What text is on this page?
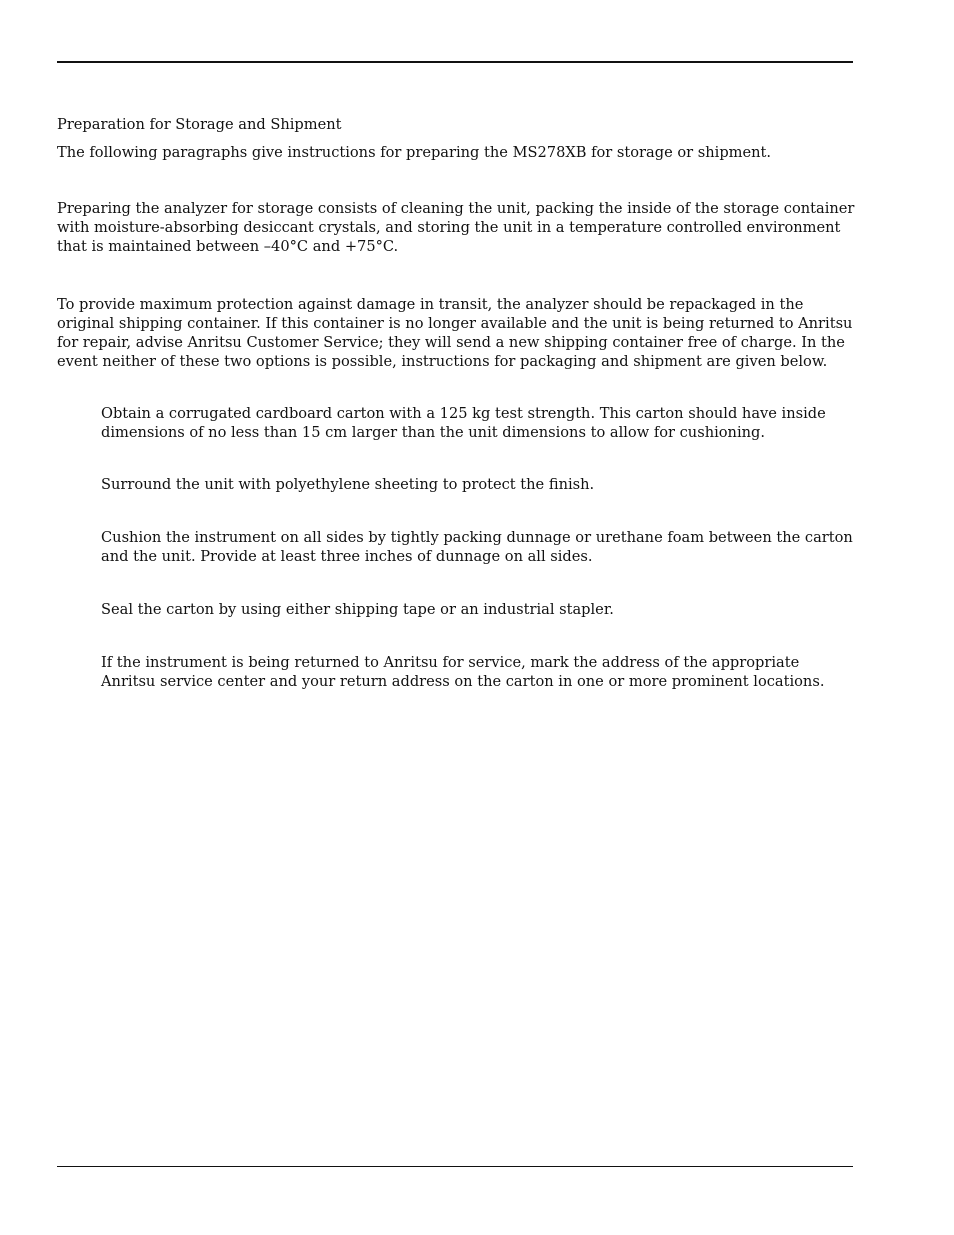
Preparation for Storage and Shipment

The following paragraphs give instructions for preparing the MS278XB for storage or shipment.

Preparing the analyzer for storage consists of cleaning the unit, packing the inside of the storage container with moisture-absorbing desiccant crystals, and storing the unit in a temperature controlled environment that is maintained between –40°C and +75°C.

To provide maximum protection against damage in transit, the analyzer should be repackaged in the original shipping container. If this container is no longer available and the unit is being returned to Anritsu for repair, advise Anritsu Customer Service; they will send a new shipping container free of charge. In the event neither of these two options is possible, instructions for packaging and shipment are given below.

Obtain a corrugated cardboard carton with a 125 kg test strength. This carton should have inside dimensions of no less than 15 cm larger than the unit dimensions to allow for cushioning.

Surround the unit with polyethylene sheeting to protect the finish.

Cushion the instrument on all sides by tightly packing dunnage or urethane foam between the carton and the unit. Provide at least three inches of dunnage on all sides.

Seal the carton by using either shipping tape or an industrial stapler.

If the instrument is being returned to Anritsu for service, mark the address of the appropriate Anritsu service center and your return address on the carton in one or more prominent locations.
